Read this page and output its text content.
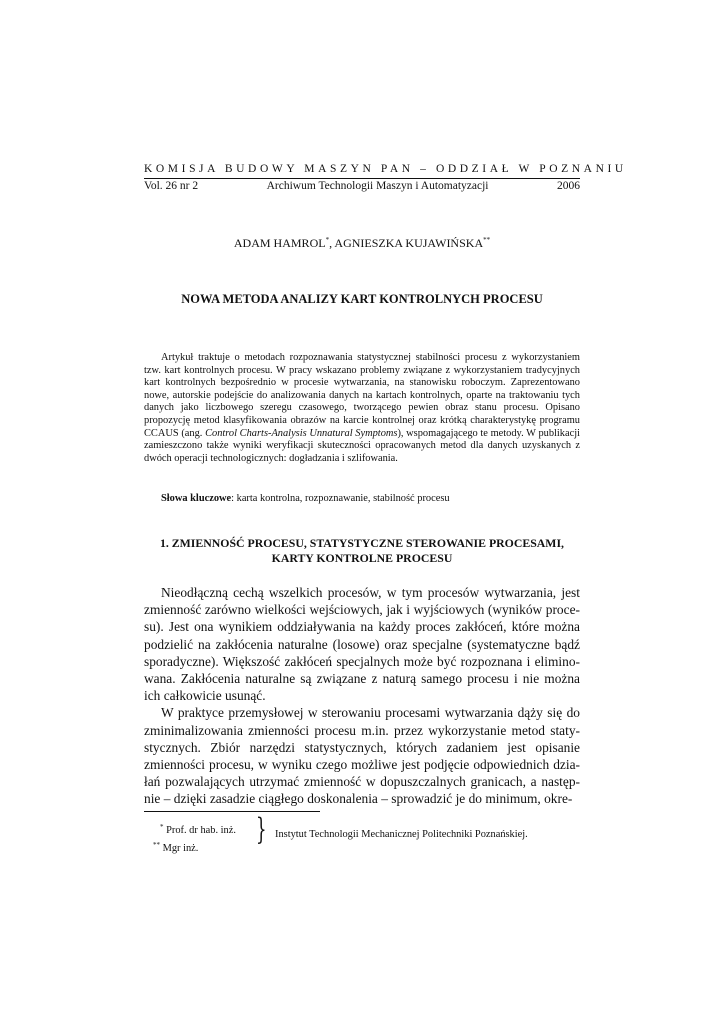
KOMISJA BUDOWY MASZYN PAN – ODDZIAŁ W POZNANIU
Vol. 26 nr 2	Archiwum Technologii Maszyn i Automatyzacji	2006
ADAM HAMROL*, AGNIESZKA KUJAWIŃSKA**
NOWA METODA ANALIZY KART KONTROLNYCH PROCESU
Artykuł traktuje o metodach rozpoznawania statystycznej stabilności procesu z wykorzystaniem tzw. kart kontrolnych procesu. W pracy wskazano problemy związane z wykorzystaniem tradycyjnych kart kontrolnych bezpośrednio w procesie wytwarzania, na stanowisku roboczym. Zaprezentowano nowe, autorskie podejście do analizowania danych na kartach kontrolnych, oparte na traktowaniu tych danych jako liczbowego szeregu czasowego, tworzącego pewien obraz stanu procesu. Opisano propozycję metod klasyfikowania obrazów na karcie kontrolnej oraz krótką charakterystykę programu CCAUS (ang. Control Charts-Analysis Unnatural Symptoms), wspomagającego te metody. W publikacji zamieszczono także wyniki weryfikacji skuteczności opracowanych metod dla danych uzyskanych z dwóch operacji technologicznych: dogładzania i szlifowania.
Słowa kluczowe: karta kontrolna, rozpoznawanie, stabilność procesu
1. ZMIENNOŚĆ PROCESU, STATYSTYCZNE STEROWANIE PROCESAMI,
KARTY KONTROLNE PROCESU

Nieodłączną cechą wszelkich procesów, w tym procesów wytwarzania, jest zmienność zarówno wielkości wejściowych, jak i wyjściowych (wyników procesu). Jest ona wynikiem oddziaływania na każdy proces zakłóceń, które można podzielić na zakłócenia naturalne (losowe) oraz specjalne (systematyczne bądź sporadyczne). Większość zakłóceń specjalnych może być rozpoznana i eliminowana. Zakłócenia naturalne są związane z naturą samego procesu i nie można ich całkowicie usunąć.

W praktyce przemysłowej w sterowaniu procesami wytwarzania dąży się do zminimalizowania zmienności procesu m.in. przez wykorzystanie metod statystycznych. Zbiór narzędzi statystycznych, których zadaniem jest opisanie zmienności procesu, w wyniku czego możliwe jest podjęcie odpowiednich działań pozwalających utrzymać zmienność w dopuszczalnych granicach, a następnie – dzięki zasadzie ciągłego doskonalenia – sprowadzić je do minimum, okre-

* Prof. dr hab. inż.
** Mgr inż.
} Instytut Technologii Mechanicznej Politechniki Poznańskiej.
